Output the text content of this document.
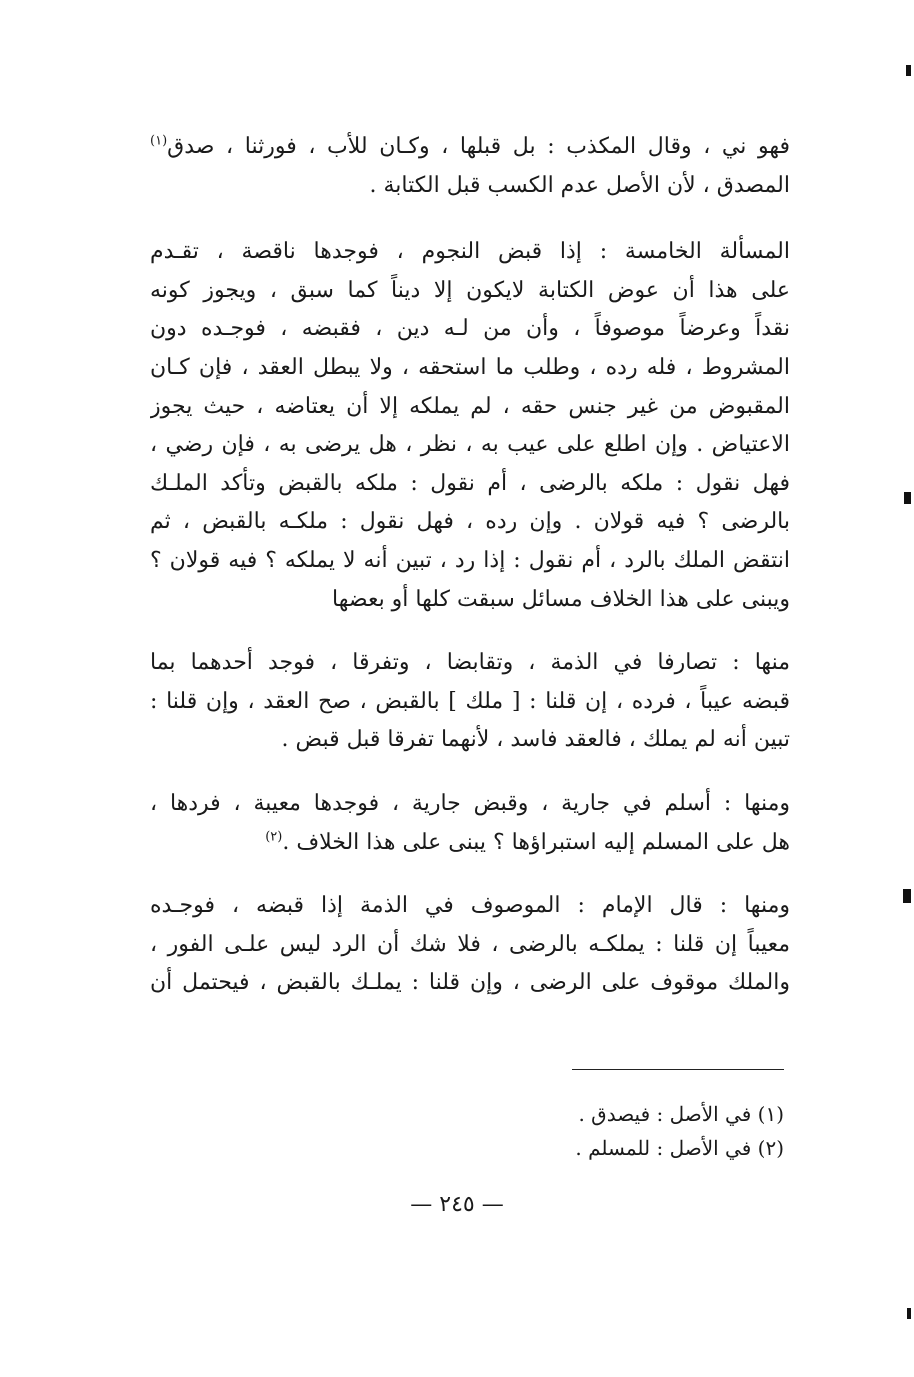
فهو ني ، وقال المكذب : بل قبلها ، وكـان للأب ، فورثنا ، صدق$^{(١)}$
المصدق ، لأن الأصل عدم الكسب قبل الكتابة .
المسألة الخامسة : إذا قبض النجوم ، فوجدها ناقصة ، تقـدم
على هذا أن عوض الكتابة لايكون إلا ديناً كما سبق ، ويجوز كونه
نقداً وعرضاً موصوفاً ، وأن من لـه دين ، فقبضه ، فوجـده دون
المشروط ، فله رده ، وطلب ما استحقه ، ولا يبطل العقد ، فإن كـان
المقبوض من غير جنس حقه ، لم يملكه إلا أن يعتاضه ، حيث يجوز
الاعتياض . وإن اطلع على عيب به ، نظر ، هل يرضى به ، فإن رضي ،
فهل نقول : ملكه بالرضى ، أم نقول : ملكه بالقبض وتأكد الملـك
بالرضى ؟ فيه قولان . وإن رده ، فهل نقول : ملكـه بالقبض ، ثم
انتقض الملك بالرد ، أم نقول : إذا رد ، تبين أنه لا يملكه ؟ فيه قولان ؟
ويبنى على هذا الخلاف مسائل سبقت كلها أو بعضها
منها : تصارفا في الذمة ، وتقابضا ، وتفرقا ، فوجد أحدهما بما
قبضه عيباً ، فرده ، إن قلنا : [ ملك ] بالقبض ، صح العقد ، وإن قلنا :
تبين أنه لم يملك ، فالعقد فاسد ، لأنهما تفرقا قبل قبض .
ومنها : أسلم في جارية ، وقبض جارية ، فوجدها معيبة ، فردها ،
هل على المسلم إليه استبراؤها ؟ يبنى على هذا الخلاف .$^{(٢)}$
ومنها : قال الإمام : الموصوف في الذمة إذا قبضه ، فوجـده
معيباً إن قلنا : يملكـه بالرضى ، فلا شك أن الرد ليس علـى الفور ،
والملك موقوف على الرضى ، وإن قلنا : يملـك بالقبض ، فيحتمل أن
(١) في الأصل : فيصدق .
(٢) في الأصل : للمسلم .
— ٢٤٥ —
